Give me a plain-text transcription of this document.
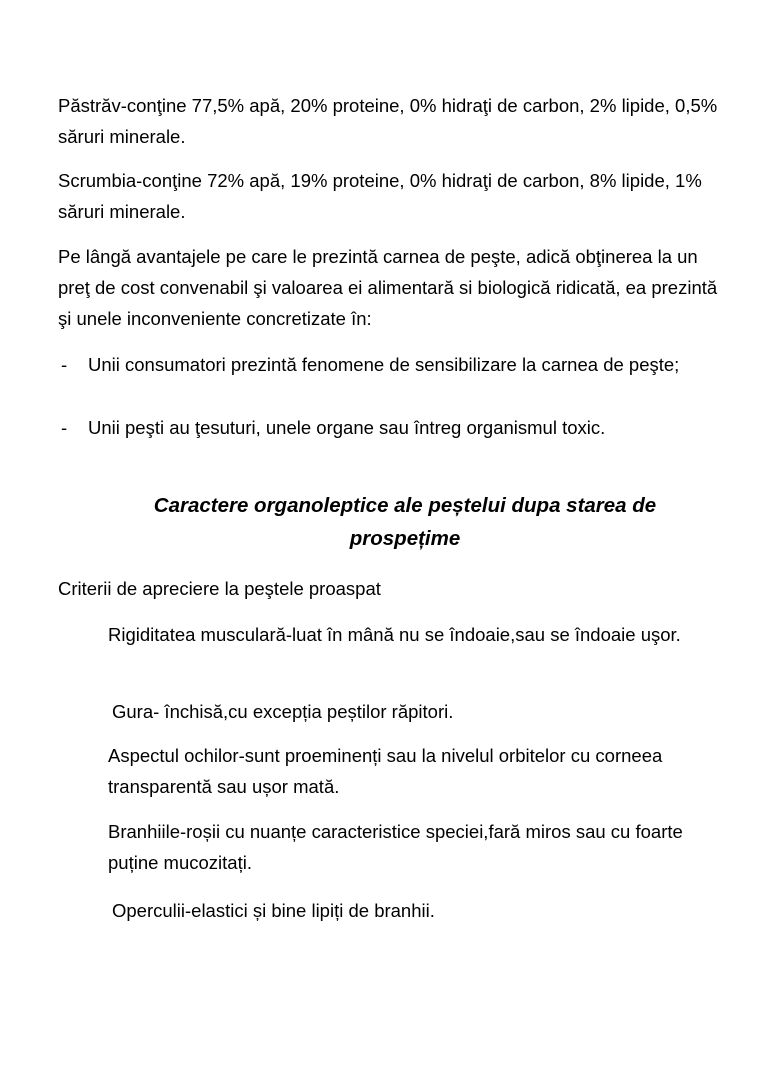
Păstrăv-conţine 77,5% apă, 20% proteine, 0% hidraţi de carbon, 2% lipide, 0,5% săruri minerale.

Scrumbia-conţine 72% apă, 19% proteine, 0% hidraţi de carbon, 8% lipide, 1% săruri minerale.

Pe lângă avantajele pe care le prezintă carnea de peşte, adică obţinerea la un preţ de cost convenabil şi valoarea ei alimentară si biologică ridicată, ea prezintă şi unele inconveniente concretizate în:

- Unii consumatori prezintă fenomene de sensibilizare la carnea de peşte;
- Unii peşti au ţesuturi, unele organe sau întreg organismul toxic.
Caractere organoleptice ale peștelui dupa starea de prospețime

Criterii de apreciere la peştele proaspat

Rigiditatea musculară-luat în mână nu se îndoaie,sau se îndoaie uşor.

Gura- închisă,cu excepția peștilor răpitori.

Aspectul ochilor-sunt proeminenți sau la nivelul orbitelor cu corneea transparentă sau ușor mată.

Branhiile-roșii cu nuanțe caracteristice speciei,fară miros sau cu foarte puține mucozitați.

Operculii-elastici și bine lipiți de branhii.
